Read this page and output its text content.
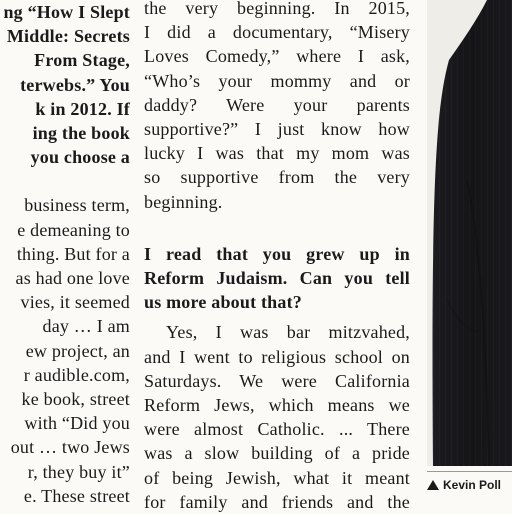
ng “How I Slept
Middle: Secrets
From Stage,
terwebs.” You
k in 2012. If
ing the book
you choose a
business term,
e demeaning to
thing. But for a
as had one love
vies, it seemed
day … I am
ew project, an
r audible.com,
ke book, street
with “Did you
out … two Jews
r, they buy it”
e. These street
the very beginning. In 2015,
I did a documentary, “Misery
Loves Comedy,” where I ask,
“Who’s your mommy and or
daddy? Were your parents
supportive?” I just know how
lucky I was that my mom was
so supportive from the very
beginning.
I read that you grew up in
Reform Judaism. Can you tell
us more about that?
Yes, I was bar mitzvahed,
and I went to religious school on
Saturdays. We were California
Reform Jews, which means we
were almost Catholic. ... There
was a slow building of a pride
of being Jewish, what it meant
for family and friends and the
Kevin Poll
